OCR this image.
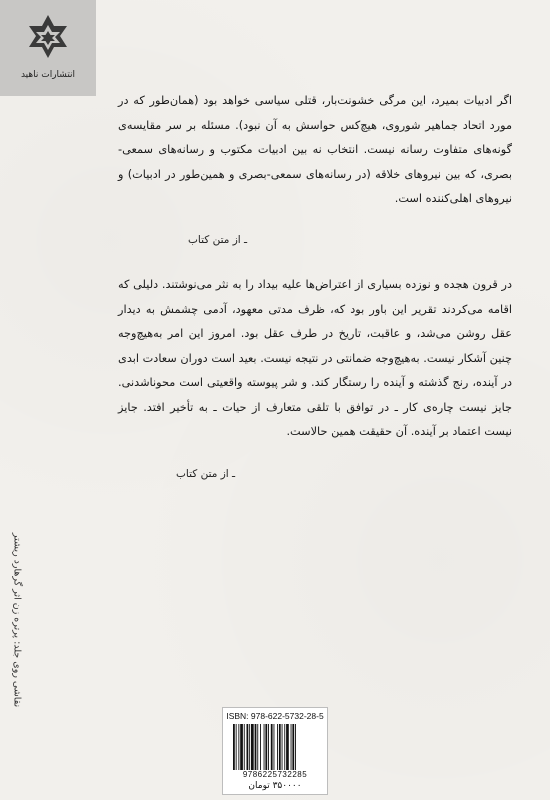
انتشارات ناهید

اگر ادبیات بمیرد، این مرگی خشونت‌بار، قتلی سیاسی خواهد بود (همان‌طور که در مورد اتحاد جماهیر شوروی، هیچ‌کس حواسش به آن نبود). مسئله بر سر مقایسه‌ی گونه‌های متفاوت رسانه نیست. انتخاب نه بین ادبیات مکتوب و رسانه‌های سمعی-بصری، که بین نیروهای خلاقه (در رسانه‌های سمعی-بصری و همین‌طور در ادبیات) و نیروهای اهلی‌کننده است.

ـ از متن کتاب

در قرون هجده و نوزده بسیاری از اعتراض‌ها علیه بیداد را به نثر می‌نوشتند. دلیلی که اقامه می‌کردند تقریر این باور بود که، ظرف مدتی معهود، آدمی چشمش به دیدار عقل روشن می‌شد، و عاقبت، تاریخ در طرف عقل بود. امروز این امر به‌هیچ‌وجه چنین آشکار نیست. به‌هیچ‌وجه ضمانتی در نتیجه نیست. بعید است دوران سعادت ابدی در آینده، رنج گذشته و آینده را رستگار کند. و شر پیوسته واقعیتی است محوناشدنی. جایز نیست چاره‌ی کار ـ در توافق با تلقی متعارف از حیات ـ به تأخیر افتد. جایز نیست اعتماد بر آینده. آن حقیقت همین حالاست.

ـ از متن کتاب
نقاشی روی جلد: پرتره زن اثر گرهارد ریشتر
ISBN: 978-622-5732-28-5
9786225732285
۳۵۰۰۰۰ تومان
